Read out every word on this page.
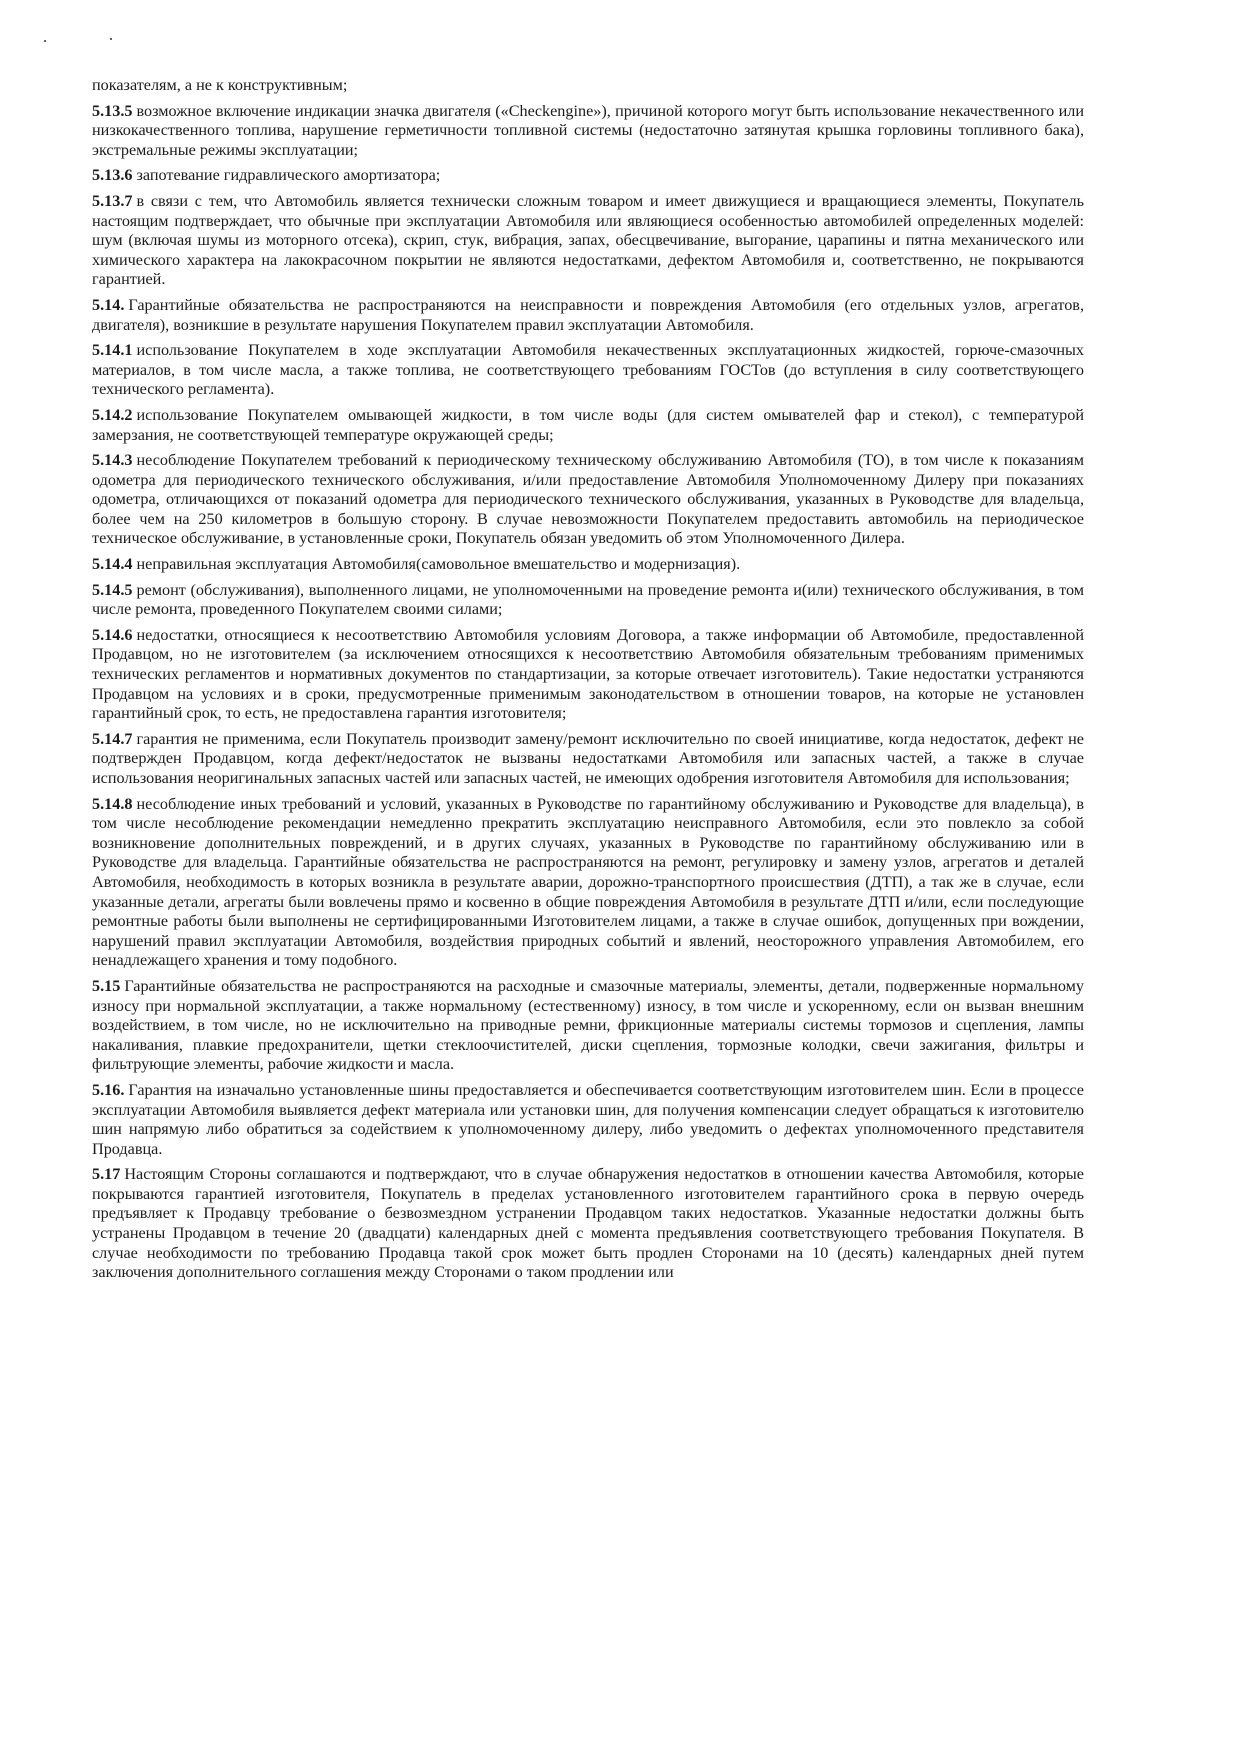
показателям, а не к конструктивным;

5.13.5 возможное включение индикации значка двигателя («Checkengine»), причиной которого могут быть использование некачественного или низкокачественного топлива, нарушение герметичности топливной системы (недостаточно затянутая крышка горловины топливного бака), экстремальные режимы эксплуатации;

5.13.6 запотевание гидравлического амортизатора;

5.13.7 в связи с тем, что Автомобиль является технически сложным товаром и имеет движущиеся и вращающиеся элементы, Покупатель настоящим подтверждает, что обычные при эксплуатации Автомобиля или являющиеся особенностью автомобилей определенных моделей: шум (включая шумы из моторного отсека), скрип, стук, вибрация, запах, обесцвечивание, выгорание, царапины и пятна механического или химического характера на лакокрасочном покрытии не являются недостатками, дефектом Автомобиля и, соответственно, не покрываются гарантией.

5.14. Гарантийные обязательства не распространяются на неисправности и повреждения Автомобиля (его отдельных узлов, агрегатов, двигателя), возникшие в результате нарушения Покупателем правил эксплуатации Автомобиля.

5.14.1 использование Покупателем в ходе эксплуатации Автомобиля некачественных эксплуатационных жидкостей, горюче-смазочных материалов, в том числе масла, а также топлива, не соответствующего требованиям ГОСТов (до вступления в силу соответствующего технического регламента).

5.14.2 использование Покупателем омывающей жидкости, в том числе воды (для систем омывателей фар и стекол), с температурой замерзания, не соответствующей температуре окружающей среды;

5.14.3 несоблюдение Покупателем требований к периодическому техническому обслуживанию Автомобиля (ТО), в том числе к показаниям одометра для периодического технического обслуживания, и/или предоставление Автомобиля Уполномоченному Дилеру при показаниях одометра, отличающихся от показаний одометра для периодического технического обслуживания, указанных в Руководстве для владельца, более чем на 250 километров в большую сторону. В случае невозможности Покупателем предоставить автомобиль на периодическое техническое обслуживание, в установленные сроки, Покупатель обязан уведомить об этом Уполномоченного Дилера.

5.14.4 неправильная эксплуатация Автомобиля(самовольное вмешательство и модернизация).

5.14.5 ремонт (обслуживания), выполненного лицами, не уполномоченными на проведение ремонта и(или) технического обслуживания, в том числе ремонта, проведенного Покупателем своими силами;

5.14.6 недостатки, относящиеся к несоответствию Автомобиля условиям Договора, а также информации об Автомобиле, предоставленной Продавцом, но не изготовителем (за исключением относящихся к несоответствию Автомобиля обязательным требованиям применимых технических регламентов и нормативных документов по стандартизации, за которые отвечает изготовитель). Такие недостатки устраняются Продавцом на условиях и в сроки, предусмотренные применимым законодательством в отношении товаров, на которые не установлен гарантийный срок, то есть, не предоставлена гарантия изготовителя;

5.14.7 гарантия не применима, если Покупатель производит замену/ремонт исключительно по своей инициативе, когда недостаток, дефект не подтвержден Продавцом, когда дефект/недостаток не вызваны недостатками Автомобиля или запасных частей, а также в случае использования неоригинальных запасных частей или запасных частей, не имеющих одобрения изготовителя Автомобиля для использования;

5.14.8 несоблюдение иных требований и условий, указанных в Руководстве по гарантийному обслуживанию и Руководстве для владельца), в том числе несоблюдение рекомендации немедленно прекратить эксплуатацию неисправного Автомобиля, если это повлекло за собой возникновение дополнительных повреждений, и в других случаях, указанных в Руководстве по гарантийному обслуживанию или в Руководстве для владельца. Гарантийные обязательства не распространяются на ремонт, регулировку и замену узлов, агрегатов и деталей Автомобиля, необходимость в которых возникла в результате аварии, дорожно-транспортного происшествия (ДТП), а так же в случае, если указанные детали, агрегаты были вовлечены прямо и косвенно в общие повреждения Автомобиля в результате ДТП и/или, если последующие ремонтные работы были выполнены не сертифицированными Изготовителем лицами, а также в случае ошибок, допущенных при вождении, нарушений правил эксплуатации Автомобиля, воздействия природных событий и явлений, неосторожного управления Автомобилем, его ненадлежащего хранения и тому подобного.

5.15 Гарантийные обязательства не распространяются на расходные и смазочные материалы, элементы, детали, подверженные нормальному износу при нормальной эксплуатации, а также нормальному (естественному) износу, в том числе и ускоренному, если он вызван внешним воздействием, в том числе, но не исключительно на приводные ремни, фрикционные материалы системы тормозов и сцепления, лампы накаливания, плавкие предохранители, щетки стеклоочистителей, диски сцепления, тормозные колодки, свечи зажигания, фильтры и фильтрующие элементы, рабочие жидкости и масла.

5.16. Гарантия на изначально установленные шины предоставляется и обеспечивается соответствующим изготовителем шин. Если в процессе эксплуатации Автомобиля выявляется дефект материала или установки шин, для получения компенсации следует обращаться к изготовителю шин напрямую либо обратиться за содействием к уполномоченному дилеру, либо уведомить о дефектах уполномоченного представителя Продавца.

5.17 Настоящим Стороны соглашаются и подтверждают, что в случае обнаружения недостатков в отношении качества Автомобиля, которые покрываются гарантией изготовителя, Покупатель в пределах установленного изготовителем гарантийного срока в первую очередь предъявляет к Продавцу требование о безвозмездном устранении Продавцом таких недостатков. Указанные недостатки должны быть устранены Продавцом в течение 20 (двадцати) календарных дней с момента предъявления соответствующего требования Покупателя. В случае необходимости по требованию Продавца такой срок может быть продлен Сторонами на 10 (десять) календарных дней путем заключения дополнительного соглашения между Сторонами о таком продлении или
